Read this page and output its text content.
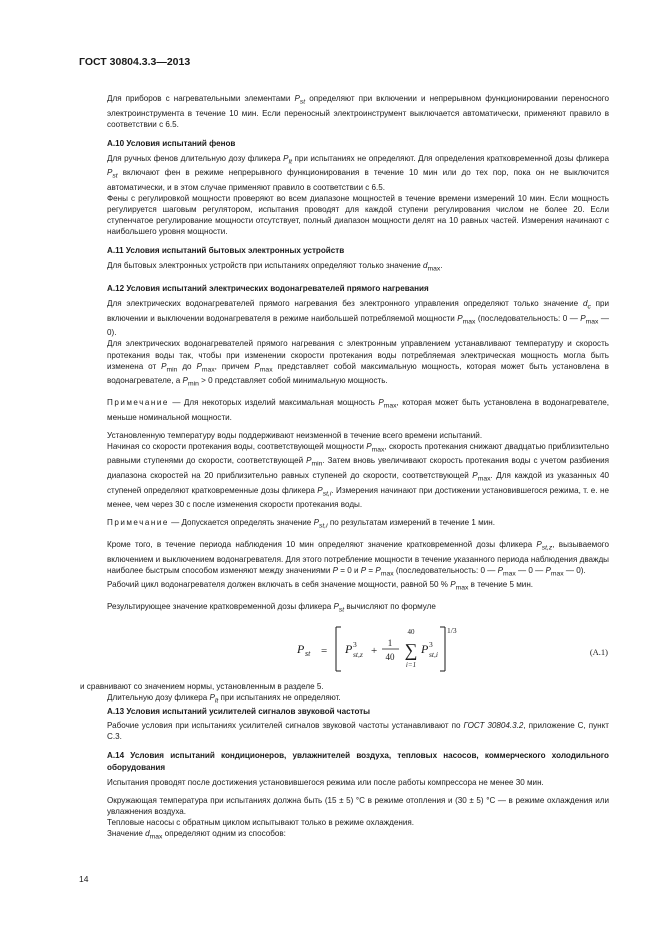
ГОСТ 30804.3.3—2013

Для приборов с нагревательными элементами $P_{st}$ определяют при включении и непрерывном функционировании переносного электроинструмента в течение 10 мин. Если переносный электроинструмент выключается автоматически, применяют правило в соответствии с 6.5.

А.10 Условия испытаний фенов

Для ручных фенов длительную дозу фликера $P_{lt}$ при испытаниях не определяют. Для определения кратковременной дозы фликера $P_{st}$ включают фен в режиме непрерывного функционирования в течение 10 мин или до тех пор, пока он не выключится автоматически, и в этом случае применяют правило в соответствии с 6.5.

Фены с регулировкой мощности проверяют во всем диапазоне мощностей в течение времени измерений 10 мин. Если мощность регулируется шаговым регулятором, испытания проводят для каждой ступени регулирования числом не более 20. Если ступенчатое регулирование мощности отсутствует, полный диапазон мощности делят на 10 равных частей. Измерения начинают с наибольшего уровня мощности.

А.11 Условия испытаний бытовых электронных устройств

Для бытовых электронных устройств при испытаниях определяют только значение $d_{max}$.

А.12 Условия испытаний электрических водонагревателей прямого нагревания

Для электрических водонагревателей прямого нагревания без электронного управления определяют только значение $d_c$ при включении и выключении водонагревателя в режиме наибольшей потребляемой мощности $P_{max}$ (последовательность: 0 — $P_{max}$ — 0).

Для электрических водонагревателей прямого нагревания с электронным управлением устанавливают температуру и скорость протекания воды так, чтобы при изменении скорости протекания воды потребляемая электрическая мощность могла быть изменена от $P_{min}$ до $P_{max}$, причем $P_{max}$ представляет собой максимальную мощность, которая может быть установлена в водонагревателе, а $P_{min} > 0$ представляет собой минимальную мощность.

Примечание — Для некоторых изделий максимальная мощность $P_{max}$, которая может быть установлена в водонагревателе, меньше номинальной мощности.

Установленную температуру воды поддерживают неизменной в течение всего времени испытаний.

Начиная со скорости протекания воды, соответствующей мощности $P_{max}$, скорость протекания снижают двадцатью приблизительно равными ступенями до скорости, соответствующей $P_{min}$. Затем вновь увеличивают скорость протекания воды с учетом разбиения диапазона скоростей на 20 приблизительно равных ступеней до скорости, соответствующей $P_{max}$. Для каждой из указанных 40 ступеней определяют кратковременные дозы фликера $P_{st,i}$. Измерения начинают при достижении установившегося режима, т. е. не менее, чем через 30 с после изменения скорости протекания воды.

Примечание — Допускается определять значение $P_{st,i}$ по результатам измерений в течение 1 мин.

Кроме того, в течение периода наблюдения 10 мин определяют значение кратковременной дозы фликера $P_{st,z}$, вызываемого включением и выключением водонагревателя. Для этого потребление мощности в течение указанного периода наблюдения дважды наиболее быстрым способом изменяют между значениями P = 0 и $P = P_{max}$ (последовательность: 0 — $P_{max}$ — 0 — $P_{max}$ — 0).

Рабочий цикл водонагревателя должен включать в себя значение мощности, равной 50 % $P_{max}$ в течение 5 мин.

Результирующее значение кратковременной дозы фликера $P_{st}$ вычисляют по формуле

P st = P 3
st,z +
1
40
40
∑
i=1
P 3
st,i
1/3
(А.1)

и сравнивают со значением нормы, установленным в разделе 5.

Длительную дозу фликера $P_{lt}$ при испытаниях не определяют.

А.13 Условия испытаний усилителей сигналов звуковой частоты

Рабочие условия при испытаниях усилителей сигналов звуковой частоты устанавливают по ГОСТ 30804.3.2, приложение С, пункт С.3.

А.14 Условия испытаний кондиционеров, увлажнителей воздуха, тепловых насосов, коммерческого холодильного оборудования

Испытания проводят после достижения установившегося режима или после работы компрессора не менее 30 мин.

Окружающая температура при испытаниях должна быть (15 ± 5) °С в режиме отопления и (30 ± 5) °С — в режиме охлаждения или увлажнения воздуха.

Тепловые насосы с обратным циклом испытывают только в режиме охлаждения.

Значение $d_{max}$ определяют одним из способов:

14
